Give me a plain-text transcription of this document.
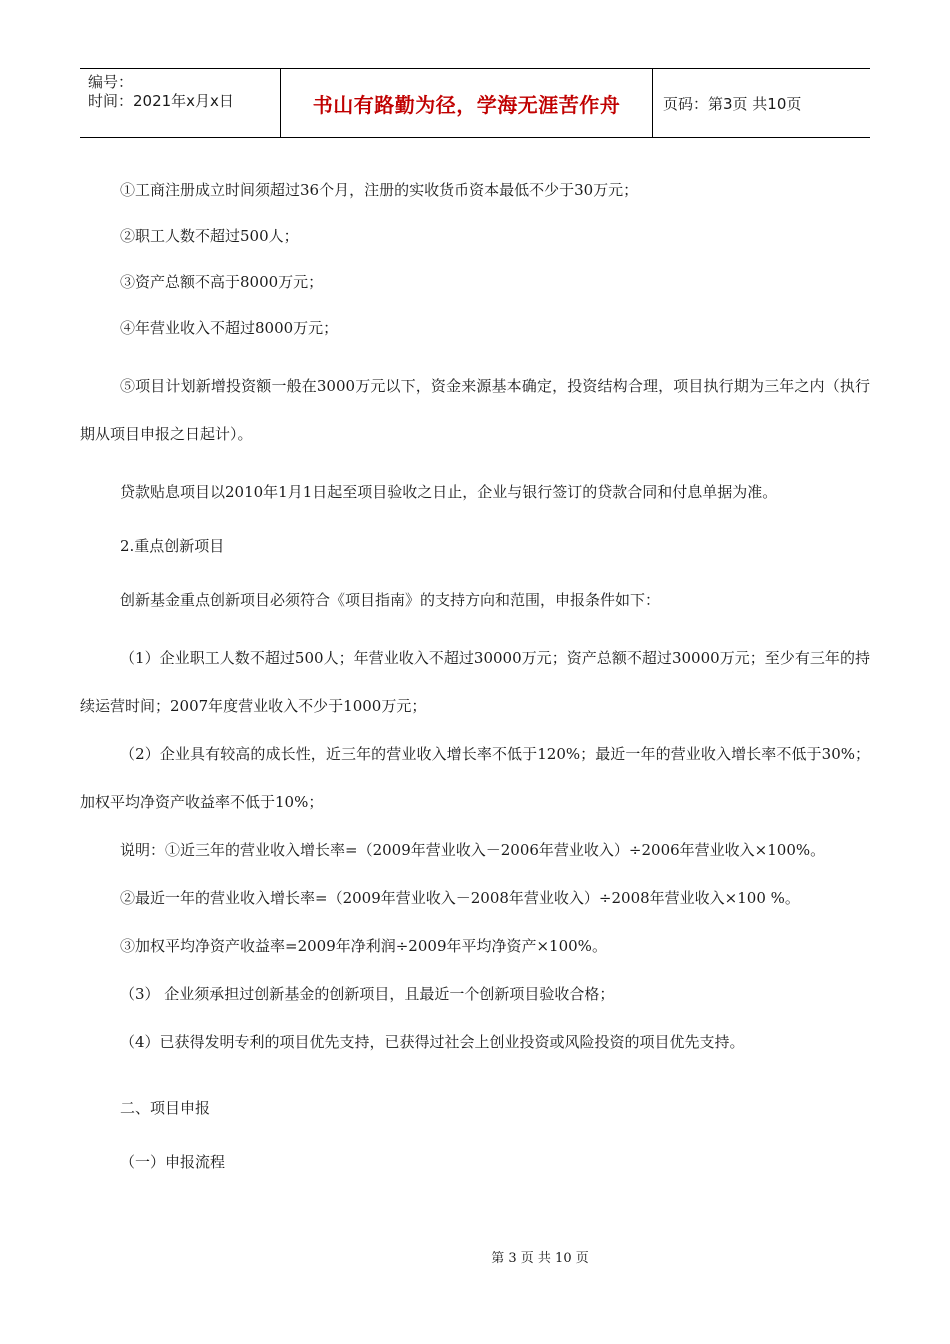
编号：
时间：2021年x月x日	书山有路勤为径，学海无涯苦作舟	页码：第3页 共10页

①工商注册成立时间须超过36个月，注册的实收货币资本最低不少于30万元；

②职工人数不超过500人；

③资产总额不高于8000万元；

④年营业收入不超过8000万元；

⑤项目计划新增投资额一般在3000万元以下，资金来源基本确定，投资结构合理，项目执行期为三年之内（执行期从项目申报之日起计）。

贷款贴息项目以2010年1月1日起至项目验收之日止，企业与银行签订的贷款合同和付息单据为准。

2.重点创新项目

创新基金重点创新项目必须符合《项目指南》的支持方向和范围，申报条件如下：

（1）企业职工人数不超过500人；年营业收入不超过30000万元；资产总额不超过30000万元；至少有三年的持续运营时间；2007年度营业收入不少于1000万元；

（2）企业具有较高的成长性，近三年的营业收入增长率不低于120%；最近一年的营业收入增长率不低于30%；加权平均净资产收益率不低于10%；

说明：①近三年的营业收入增长率=（2009年营业收入－2006年营业收入）÷2006年营业收入×100%。

②最近一年的营业收入增长率=（2009年营业收入－2008年营业收入）÷2008年营业收入×100 %。

③加权平均净资产收益率=2009年净利润÷2009年平均净资产×100%。

（3） 企业须承担过创新基金的创新项目，且最近一个创新项目验收合格；

（4）已获得发明专利的项目优先支持，已获得过社会上创业投资或风险投资的项目优先支持。

二、项目申报

（一）申报流程

第 3 页 共 10 页
